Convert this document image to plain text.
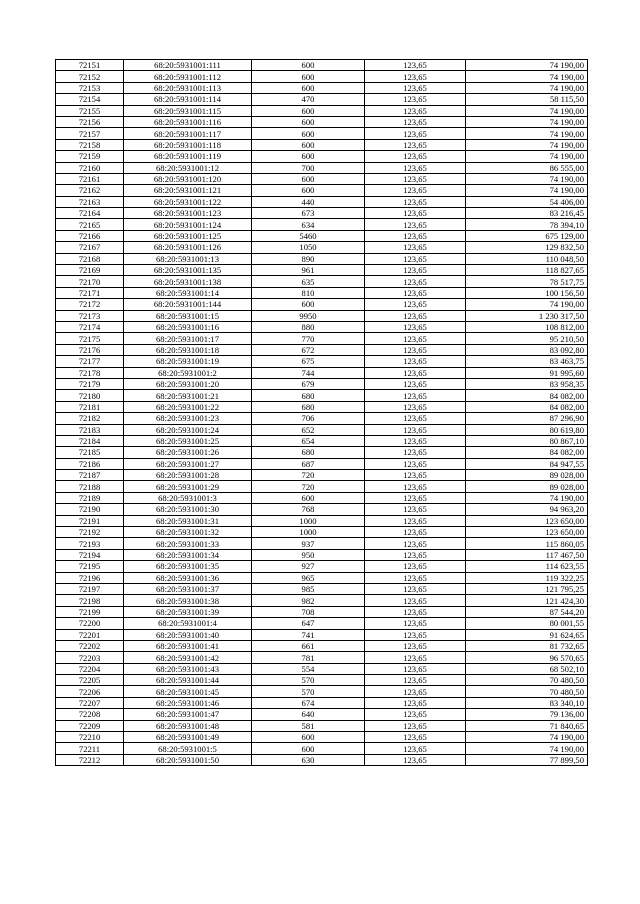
72151	68:20:5931001:111	600	123,65	74 190,00
72152	68:20:5931001:112	600	123,65	74 190,00
72153	68:20:5931001:113	600	123,65	74 190,00
72154	68:20:5931001:114	470	123,65	58 115,50
72155	68:20:5931001:115	600	123,65	74 190,00
72156	68:20:5931001:116	600	123,65	74 190,00
72157	68:20:5931001:117	600	123,65	74 190,00
72158	68:20:5931001:118	600	123,65	74 190,00
72159	68:20:5931001:119	600	123,65	74 190,00
72160	68:20:5931001:12	700	123,65	86 555,00
72161	68:20:5931001:120	600	123,65	74 190,00
72162	68:20:5931001:121	600	123,65	74 190,00
72163	68:20:5931001:122	440	123,65	54 406,00
72164	68:20:5931001:123	673	123,65	83 216,45
72165	68:20:5931001:124	634	123,65	78 394,10
72166	68:20:5931001:125	5460	123,65	675 129,00
72167	68:20:5931001:126	1050	123,65	129 832,50
72168	68:20:5931001:13	890	123,65	110 048,50
72169	68:20:5931001:135	961	123,65	118 827,65
72170	68:20:5931001:138	635	123,65	78 517,75
72171	68:20:5931001:14	810	123,65	100 156,50
72172	68:20:5931001:144	600	123,65	74 190,00
72173	68:20:5931001:15	9950	123,65	1 230 317,50
72174	68:20:5931001:16	880	123,65	108 812,00
72175	68:20:5931001:17	770	123,65	95 210,50
72176	68:20:5931001:18	672	123,65	83 092,80
72177	68:20:5931001:19	675	123,65	83 463,75
72178	68:20:5931001:2	744	123,65	91 995,60
72179	68:20:5931001:20	679	123,65	83 958,35
72180	68:20:5931001:21	680	123,65	84 082,00
72181	68:20:5931001:22	680	123,65	84 082,00
72182	68:20:5931001:23	706	123,65	87 296,90
72183	68:20:5931001:24	652	123,65	80 619,80
72184	68:20:5931001:25	654	123,65	80 867,10
72185	68:20:5931001:26	680	123,65	84 082,00
72186	68:20:5931001:27	687	123,65	84 947,55
72187	68:20:5931001:28	720	123,65	89 028,00
72188	68:20:5931001:29	720	123,65	89 028,00
72189	68:20:5931001:3	600	123,65	74 190,00
72190	68:20:5931001:30	768	123,65	94 963,20
72191	68:20:5931001:31	1000	123,65	123 650,00
72192	68:20:5931001:32	1000	123,65	123 650,00
72193	68:20:5931001:33	937	123,65	115 860,05
72194	68:20:5931001:34	950	123,65	117 467,50
72195	68:20:5931001:35	927	123,65	114 623,55
72196	68:20:5931001:36	965	123,65	119 322,25
72197	68:20:5931001:37	985	123,65	121 795,25
72198	68:20:5931001:38	982	123,65	121 424,30
72199	68:20:5931001:39	708	123,65	87 544,20
72200	68:20:5931001:4	647	123,65	80 001,55
72201	68:20:5931001:40	741	123,65	91 624,65
72202	68:20:5931001:41	661	123,65	81 732,65
72203	68:20:5931001:42	781	123,65	96 570,65
72204	68:20:5931001:43	554	123,65	68 502,10
72205	68:20:5931001:44	570	123,65	70 480,50
72206	68:20:5931001:45	570	123,65	70 480,50
72207	68:20:5931001:46	674	123,65	83 340,10
72208	68:20:5931001:47	640	123,65	79 136,00
72209	68:20:5931001:48	581	123,65	71 840,65
72210	68:20:5931001:49	600	123,65	74 190,00
72211	68:20:5931001:5	600	123,65	74 190,00
72212	68:20:5931001:50	630	123,65	77 899,50
